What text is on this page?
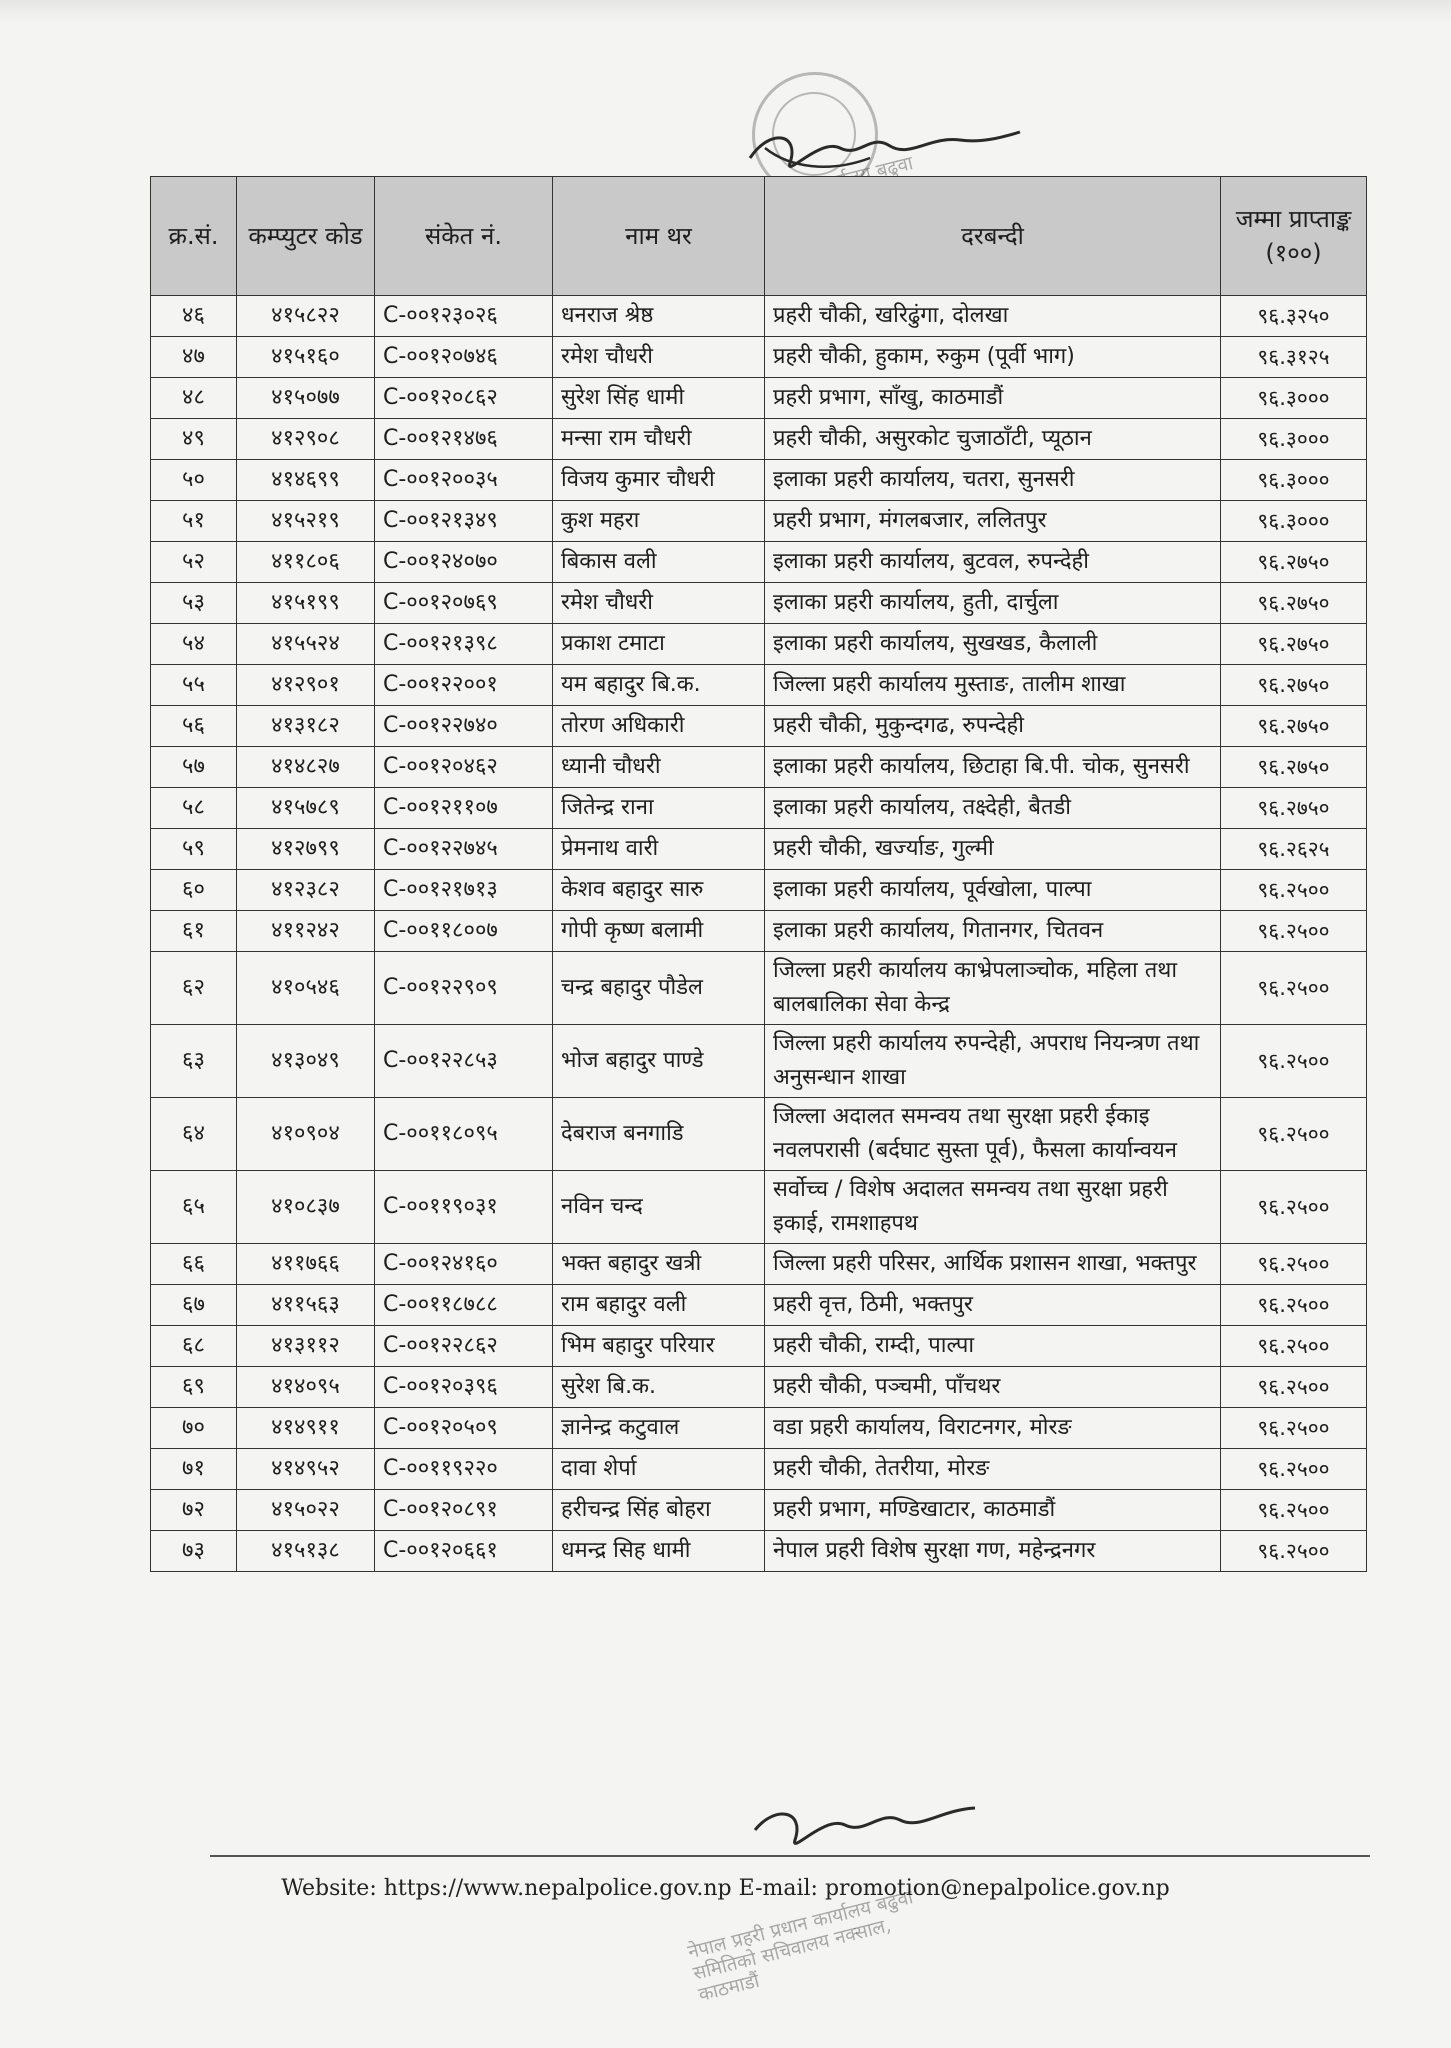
बढुवा
क्र.सं.	कम्प्युटर कोड	संकेत नं.	नाम थर	दरबन्दी	जम्मा प्राप्ताङ्क (१००)
४६	४१५८२२	C-००१२३०२६	धनराज श्रेष्ठ	प्रहरी चौकी, खरिढुंगा, दोलखा	९६.३२५०
४७	४१५१६०	C-००१२०७४६	रमेश चौधरी	प्रहरी चौकी, हुकाम, रुकुम (पूर्वी भाग)	९६.३१२५
४८	४१५०७७	C-००१२०८६२	सुरेश सिंह धामी	प्रहरी प्रभाग, साँखु, काठमाडौं	९६.३०००
४९	४१२९०८	C-००१२१४७६	मन्सा राम चौधरी	प्रहरी चौकी, असुरकोट चुजाठाँटी, प्यूठान	९६.३०००
५०	४१४६९९	C-००१२००३५	विजय कुमार चौधरी	इलाका प्रहरी कार्यालय, चतरा, सुनसरी	९६.३०००
५१	४१५२१९	C-००१२१३४९	कुश महरा	प्रहरी प्रभाग, मंगलबजार, ललितपुर	९६.३०००
५२	४११८०६	C-००१२४०७०	बिकास वली	इलाका प्रहरी कार्यालय, बुटवल, रुपन्देही	९६.२७५०
५३	४१५१९९	C-००१२०७६९	रमेश चौधरी	इलाका प्रहरी कार्यालय, हुती, दार्चुला	९६.२७५०
५४	४१५५२४	C-००१२१३९८	प्रकाश टमाटा	इलाका प्रहरी कार्यालय, सुखखड, कैलाली	९६.२७५०
५५	४१२९०१	C-००१२२००१	यम बहादुर बि.क.	जिल्ला प्रहरी कार्यालय मुस्ताङ, तालीम शाखा	९६.२७५०
५६	४१३१८२	C-००१२२७४०	तोरण अधिकारी	प्रहरी चौकी, मुकुन्दगढ, रुपन्देही	९६.२७५०
५७	४१४८२७	C-००१२०४६२	ध्यानी चौधरी	इलाका प्रहरी कार्यालय, छिटाहा बि.पी. चोक, सुनसरी	९६.२७५०
५८	४१५७८९	C-००१२११०७	जितेन्द्र राना	इलाका प्रहरी कार्यालय, तक्ष्देही, बैतडी	९६.२७५०
५९	४१२७९९	C-००१२२७४५	प्रेमनाथ वारी	प्रहरी चौकी, खर्ज्याङ, गुल्मी	९६.२६२५
६०	४१२३८२	C-००१२१७१३	केशव बहादुर सारु	इलाका प्रहरी कार्यालय, पूर्वखोला, पाल्पा	९६.२५००
६१	४११२४२	C-००११८००७	गोपी कृष्ण बलामी	इलाका प्रहरी कार्यालय, गितानगर, चितवन	९६.२५००
६२	४१०५४६	C-००१२२९०९	चन्द्र बहादुर पौडेल	जिल्ला प्रहरी कार्यालय काभ्रेपलाञ्चोक, महिला तथा बालबालिका सेवा केन्द्र	९६.२५००
६३	४१३०४९	C-००१२२८५३	भोज बहादुर पाण्डे	जिल्ला प्रहरी कार्यालय रुपन्देही, अपराध नियन्त्रण तथा अनुसन्धान शाखा	९६.२५००
६४	४१०९०४	C-००११८०९५	देबराज बनगाडि	जिल्ला अदालत समन्वय तथा सुरक्षा प्रहरी ईकाइ नवलपरासी (बर्दघाट सुस्ता पूर्व), फैसला कार्यान्वयन	९६.२५००
६५	४१०८३७	C-००११९०३१	नविन चन्द	सर्वोच्च / विशेष अदालत समन्वय तथा सुरक्षा प्रहरी इकाई, रामशाहपथ	९६.२५००
६६	४११७६६	C-००१२४१६०	भक्त बहादुर खत्री	जिल्ला प्रहरी परिसर, आर्थिक प्रशासन शाखा, भक्तपुर	९६.२५००
६७	४११५६३	C-००११८७८८	राम बहादुर वली	प्रहरी वृत्त, ठिमी, भक्तपुर	९६.२५००
६८	४१३११२	C-००१२२८६२	भिम बहादुर परियार	प्रहरी चौकी, राम्दी, पाल्पा	९६.२५००
६९	४१४०९५	C-००१२०३९६	सुरेश बि.क.	प्रहरी चौकी, पञ्चमी, पाँचथर	९६.२५००
७०	४१४९११	C-००१२०५०९	ज्ञानेन्द्र कटुवाल	वडा प्रहरी कार्यालय, विराटनगर, मोरङ	९६.२५००
७१	४१४९५२	C-००११९२२०	दावा शेर्पा	प्रहरी चौकी, तेतरीया, मोरङ	९६.२५००
७२	४१५०२२	C-००१२०८९१	हरीचन्द्र सिंह बोहरा	प्रहरी प्रभाग, मण्डिखाटार, काठमाडौं	९६.२५००
७३	४१५१३८	C-००१२०६६१	धमन्द्र सिह धामी	नेपाल प्रहरी विशेष सुरक्षा गण, महेन्द्रनगर	९६.२५००
नेपाल प्रहरी प्रधान कार्यालय बढुवा समितिको सचिवालय नक्साल, काठमाडौं
Website: https://www.nepalpolice.gov.np E-mail: promotion@nepalpolice.gov.np
